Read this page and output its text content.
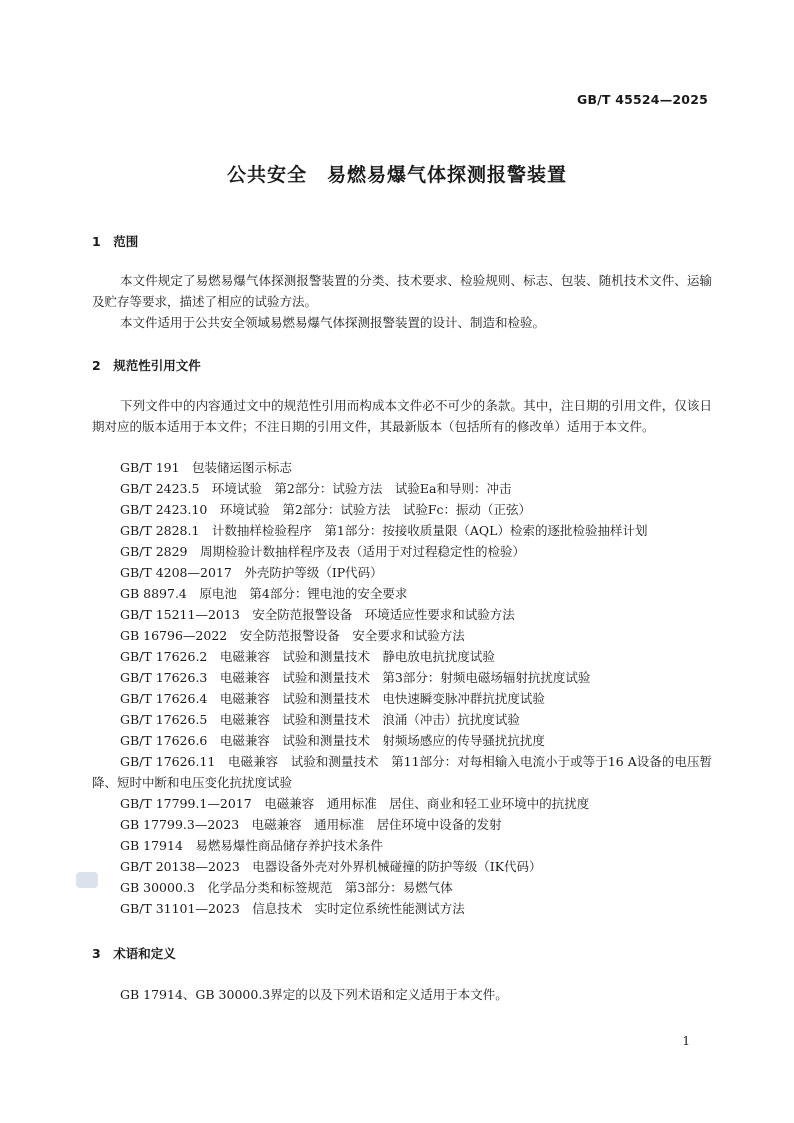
GB/T 45524—2025
公共安全　易燃易爆气体探测报警装置
1　范围

本文件规定了易燃易爆气体探测报警装置的分类、技术要求、检验规则、标志、包装、随机技术文件、运输及贮存等要求，描述了相应的试验方法。

本文件适用于公共安全领域易燃易爆气体探测报警装置的设计、制造和检验。

2　规范性引用文件

下列文件中的内容通过文中的规范性引用而构成本文件必不可少的条款。其中，注日期的引用文件，仅该日期对应的版本适用于本文件；不注日期的引用文件，其最新版本（包括所有的修改单）适用于本文件。

GB/T 191　包装储运图示标志
GB/T 2423.5　环境试验　第2部分：试验方法　试验Ea和导则：冲击
GB/T 2423.10　环境试验　第2部分：试验方法　试验Fc：振动（正弦）
GB/T 2828.1　计数抽样检验程序　第1部分：按接收质量限（AQL）检索的逐批检验抽样计划
GB/T 2829　周期检验计数抽样程序及表（适用于对过程稳定性的检验）
GB/T 4208—2017　外壳防护等级（IP代码）
GB 8897.4　原电池　第4部分：锂电池的安全要求
GB/T 15211—2013　安全防范报警设备　环境适应性要求和试验方法
GB 16796—2022　安全防范报警设备　安全要求和试验方法
GB/T 17626.2　电磁兼容　试验和测量技术　静电放电抗扰度试验
GB/T 17626.3　电磁兼容　试验和测量技术　第3部分：射频电磁场辐射抗扰度试验
GB/T 17626.4　电磁兼容　试验和测量技术　电快速瞬变脉冲群抗扰度试验
GB/T 17626.5　电磁兼容　试验和测量技术　浪涌（冲击）抗扰度试验
GB/T 17626.6　电磁兼容　试验和测量技术　射频场感应的传导骚扰抗扰度
GB/T 17626.11　电磁兼容　试验和测量技术　第11部分：对每相输入电流小于或等于16 A设备的电压暂降、短时中断和电压变化抗扰度试验
GB/T 17799.1—2017　电磁兼容　通用标准　居住、商业和轻工业环境中的抗扰度
GB 17799.3—2023　电磁兼容　通用标准　居住环境中设备的发射
GB 17914　易燃易爆性商品储存养护技术条件
GB/T 20138—2023　电器设备外壳对外界机械碰撞的防护等级（IK代码）
GB 30000.3　化学品分类和标签规范　第3部分：易燃气体
GB/T 31101—2023　信息技术　实时定位系统性能测试方法
3　术语和定义

GB 17914、GB 30000.3界定的以及下列术语和定义适用于本文件。

1
